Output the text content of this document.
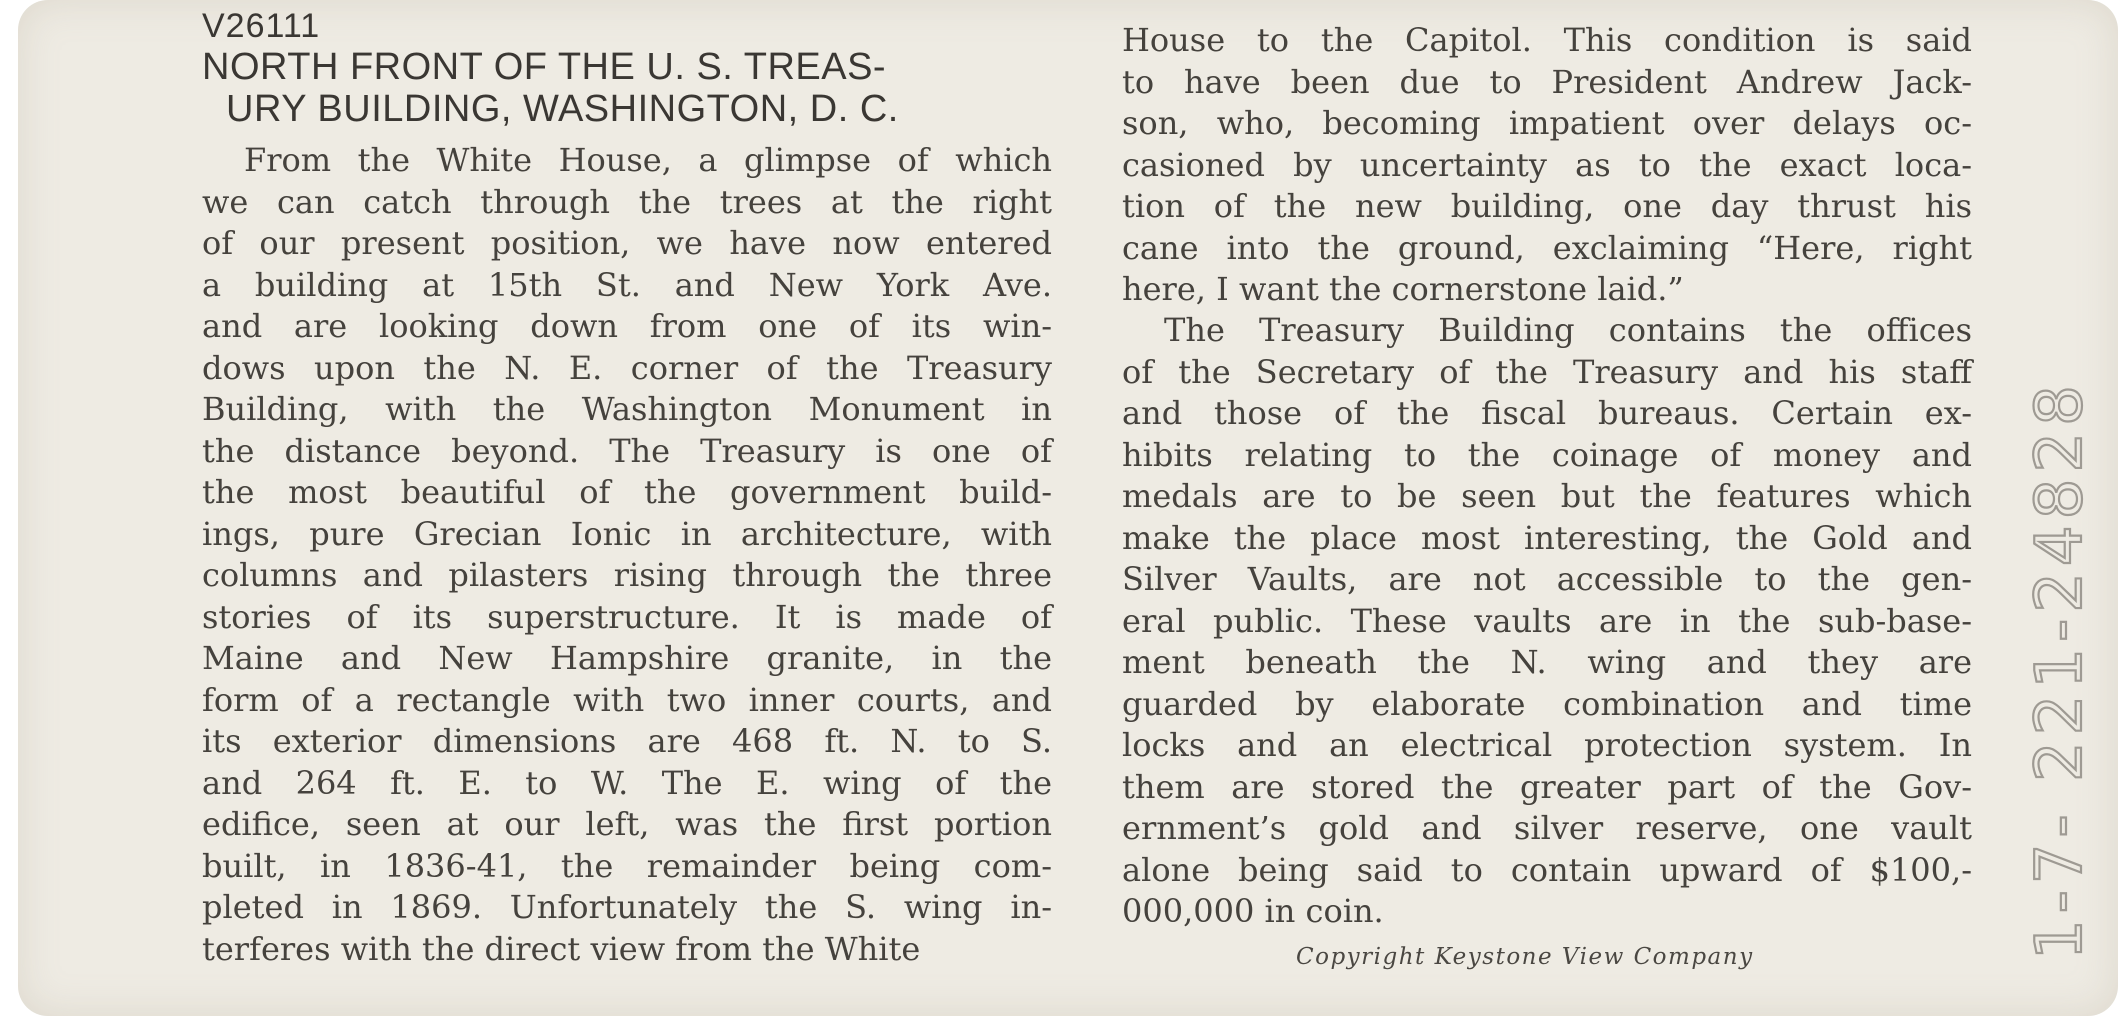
V26111
NORTH FRONT OF THE U. S. TREAS-
URY BUILDING, WASHINGTON, D. C.
From the White House, a glimpse of which
we can catch through the trees at the right
of our present position, we have now entered
a building at 15th St. and New York Ave.
and are looking down from one of its win-
dows upon the N. E. corner of the Treasury
Building, with the Washington Monument in
the distance beyond. The Treasury is one of
the most beautiful of the government build-
ings, pure Grecian Ionic in architecture, with
columns and pilasters rising through the three
stories of its superstructure. It is made of
Maine and New Hampshire granite, in the
form of a rectangle with two inner courts, and
its exterior dimensions are 468 ft. N. to S.
and 264 ft. E. to W. The E. wing of the
edifice, seen at our left, was the first portion
built, in 1836-41, the remainder being com-
pleted in 1869. Unfortunately the S. wing in-
terferes with the direct view from the White
House to the Capitol. This condition is said
to have been due to President Andrew Jack-
son, who, becoming impatient over delays oc-
casioned by uncertainty as to the exact loca-
tion of the new building, one day thrust his
cane into the ground, exclaiming “Here, right
here, I want the cornerstone laid.”
The Treasury Building contains the offices
of the Secretary of the Treasury and his staff
and those of the fiscal bureaus. Certain ex-
hibits relating to the coinage of money and
medals are to be seen but the features which
make the place most interesting, the Gold and
Silver Vaults, are not accessible to the gen-
eral public. These vaults are in the sub-base-
ment beneath the N. wing and they are
guarded by elaborate combination and time
locks and an electrical protection system. In
them are stored the greater part of the Gov-
ernment’s gold and silver reserve, one vault
alone being said to contain upward of $100,-
000,000 in coin.
Copyright Keystone View Company	1-7- 221-24828
